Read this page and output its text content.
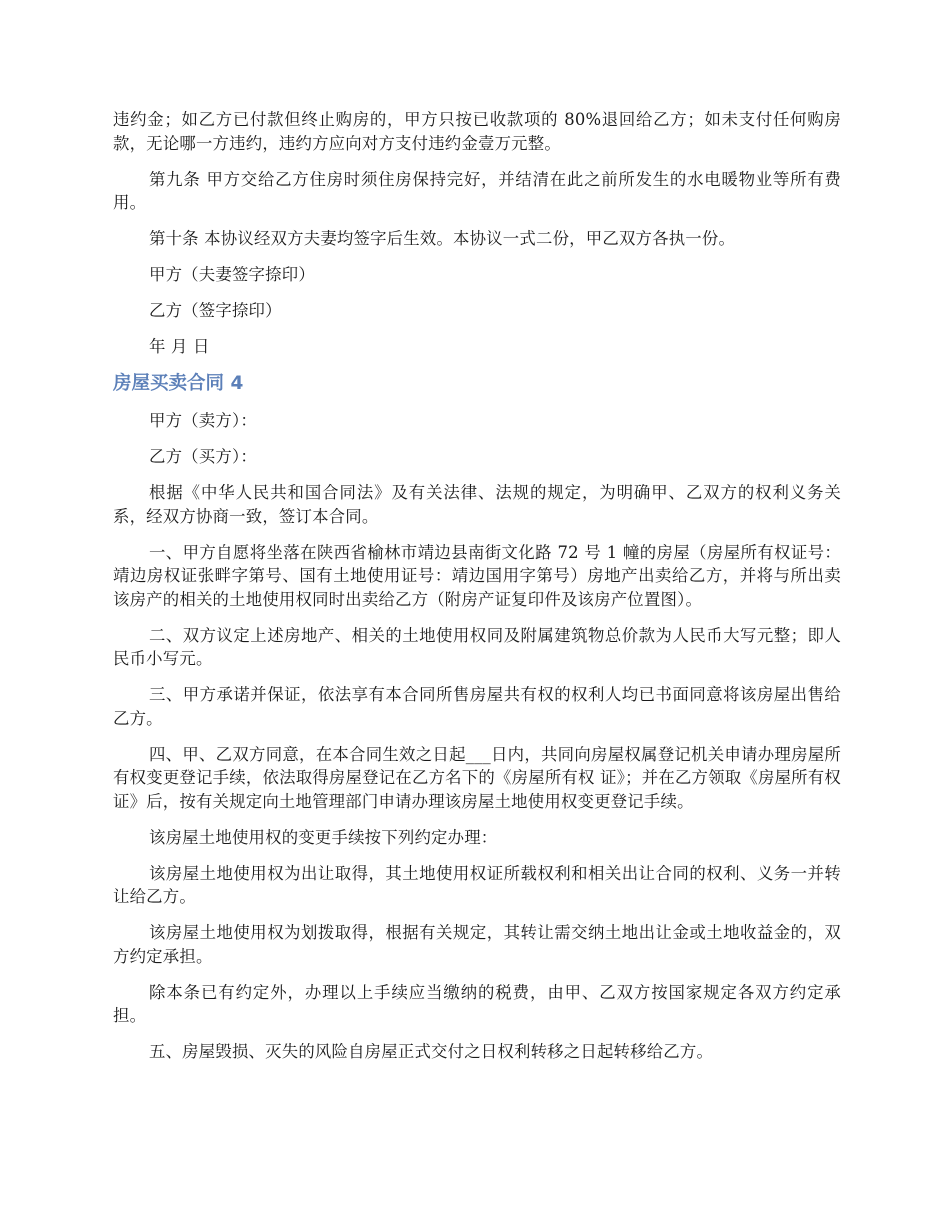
违约金；如乙方已付款但终止购房的，甲方只按已收款项的 80%退回给乙方；如未支付任何购房款，无论哪一方违约，违约方应向对方支付违约金壹万元整。

第九条 甲方交给乙方住房时须住房保持完好，并结清在此之前所发生的水电暖物业等所有费用。

第十条 本协议经双方夫妻均签字后生效。本协议一式二份，甲乙双方各执一份。

甲方（夫妻签字捺印）

乙方（签字捺印）

年 月 日

房屋买卖合同 4

甲方（卖方）：

乙方（买方）：

根据《中华人民共和国合同法》及有关法律、法规的规定，为明确甲、乙双方的权利义务关系，经双方协商一致，签订本合同。

一、甲方自愿将坐落在陕西省榆林市靖边县南街文化路 72 号 1 幢的房屋（房屋所有权证号：靖边房权证张畔字第号、国有土地使用证号：靖边国用字第号）房地产出卖给乙方，并将与所出卖该房产的相关的土地使用权同时出卖给乙方（附房产证复印件及该房产位置图）。

二、双方议定上述房地产、相关的土地使用权同及附属建筑物总价款为人民币大写元整；即人民币小写元。

三、甲方承诺并保证，依法享有本合同所售房屋共有权的权利人均已书面同意将该房屋出售给乙方。

四、甲、乙双方同意，在本合同生效之日起___日内，共同向房屋权属登记机关申请办理房屋所有权变更登记手续，依法取得房屋登记在乙方名下的《房屋所有权 证》；并在乙方领取《房屋所有权证》后，按有关规定向土地管理部门申请办理该房屋土地使用权变更登记手续。

该房屋土地使用权的变更手续按下列约定办理：

该房屋土地使用权为出让取得，其土地使用权证所载权利和相关出让合同的权利、义务一并转让给乙方。

该房屋土地使用权为划拨取得，根据有关规定，其转让需交纳土地出让金或土地收益金的，双方约定承担。

除本条已有约定外，办理以上手续应当缴纳的税费，由甲、乙双方按国家规定各双方约定承担。

五、房屋毁损、灭失的风险自房屋正式交付之日权利转移之日起转移给乙方。
